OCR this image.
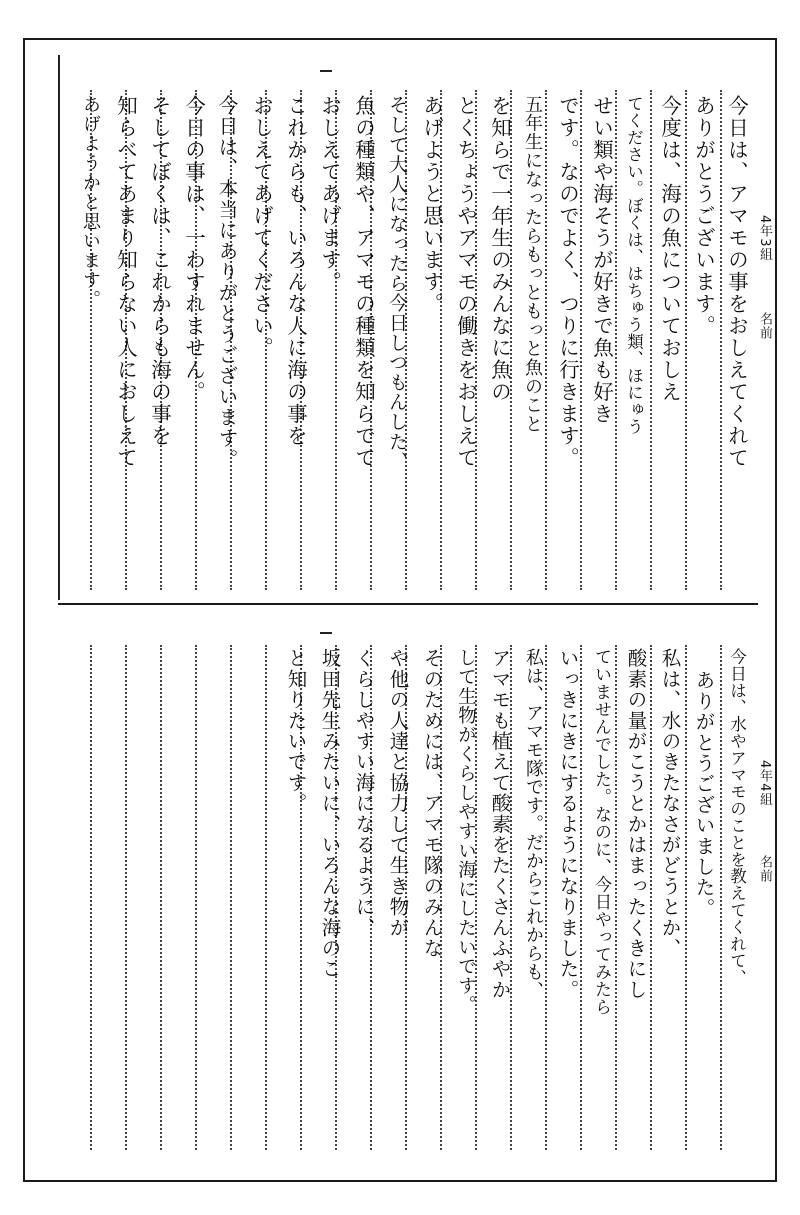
4年3組
名前
今日は、アマモの事をおしえてくれて
ありがとうございます。
今度は、海の魚についておしえ
てください。ぼくは、はちゅう類、ほにゅう
せい類や海そうが好きで魚も好き
です。なのでよく、つりに行きます。
五年生になったらもっともっと魚のこと
を知らで一年生のみんなに魚の
とくちょうやアマモの働きをおしえて
あげようと思います。
そして大人になったら今日しつもんした、
魚の種類や、アマモの種類を知らでて
おしえてあげます。
これからも、いろんな人に海の事を
おしえてあげてください。
今日は、本当にありがとうございます。
今日の事は、一わすれません。
そしてぼくは、これからも海の事を
知らべてあまり知らない人におしえて
あげようかと思います。
4年4組
名前
今日は、水やアマモのことを教えてくれて、
ありがとうございました。
私は、水のきたなさがどうとか、
酸素の量がこうとかはまったくきにし
ていませんでした。なのに、今日やってみたら
いっきにきにするようになりました。
私は、アマモ隊です。だからこれからも、
アマモも植えて酸素をたくさんふやか
して生物がくらしやすい海にしたいです。
そのためには、アマモ隊のみんな
や他の人達と協力して生き物が
くらしやすい海になるように、
坂田先生みたいに、いろんな海のこ
と知りたいです。
